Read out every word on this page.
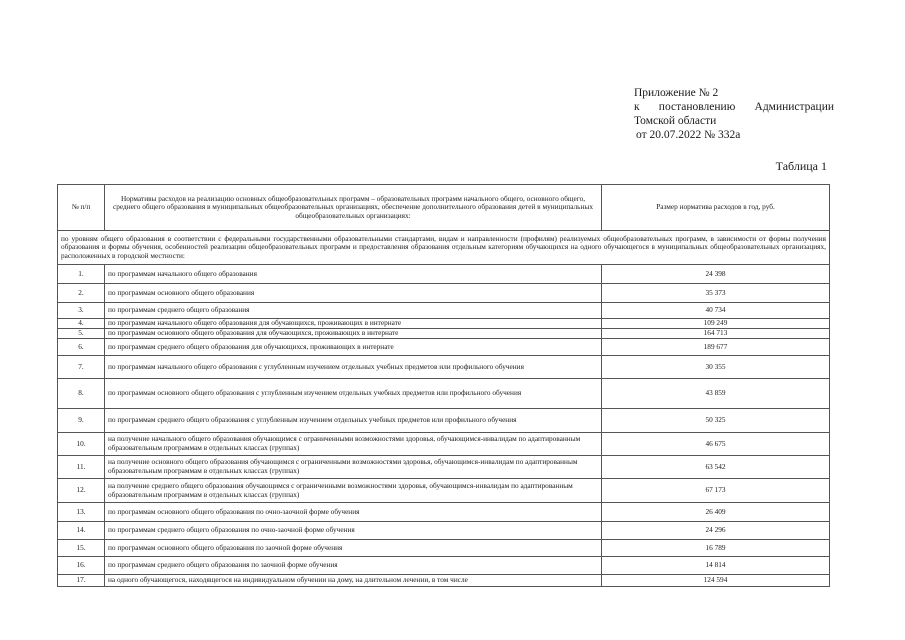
Приложение № 2
к постановлению Администрации
Томской области
от 20.07.2022 № 332а
Таблица 1
№ п/п	Нормативы расходов на реализацию основных общеобразовательных программ – образовательных программ начального общего, основного общего, среднего общего образования в муниципальных общеобразовательных организациях, обеспечение дополнительного образования детей в муниципальных общеобразовательных организациях:	Размер норматива расходов в год, руб.
по уровням общего образования в соответствии с федеральными государственными образовательными стандартами, видам и направленности (профилям) реализуемых общеобразовательных программ, в зависимости от формы получения образования и формы обучения, особенностей реализации общеобразовательных программ и предоставления образования отдельным категориям обучающихся на одного обучающегося в муниципальных общеобразовательных организациях, расположенных в городской местности:		
1.	по программам начального общего образования	24 398
2.	по программам основного общего образования	35 373
3.	по программам среднего общего образования	40 734
4.	по программам начального общего образования для обучающихся, проживающих в интернате	109 249
5.	по программам основного общего образования для обучающихся, проживающих в интернате	164 713
6.	по программам среднего общего образования для обучающихся, проживающих в интернате	189 677
7.	по программам начального общего образования с углубленным изучением отдельных учебных предметов или профильного обучения	30 355
8.	по программам основного общего образования с углубленным изучением отдельных учебных предметов или профильного обучения	43 859
9.	по программам среднего общего образования с углубленным изучением отдельных учебных предметов или профильного обучения	50 325
10.	на получение начального общего образования обучающимся с ограниченными возможностями здоровья, обучающимся-инвалидам по адаптированным образовательным программам в отдельных классах (группах)	46 675
11.	на получение основного общего образования обучающимся с ограниченными возможностями здоровья, обучающимся-инвалидам по адаптированным образовательным программам в отдельных классах (группах)	63 542
12.	на получение среднего общего образования обучающимся с ограниченными возможностями здоровья, обучающимся-инвалидам по адаптированным образовательным программам в отдельных классах (группах)	67 173
13.	по программам основного общего образования по очно-заочной форме обучения	26 409
14.	по программам среднего общего образования по очно-заочной форме обучения	24 296
15.	по программам основного общего образования по заочной форме обучения	16 789
16.	по программам среднего общего образования по заочной форме обучения	14 814
17.	на одного обучающегося, находящегося на индивидуальном обучении на дому, на длительном лечении, в том числе	124 594
